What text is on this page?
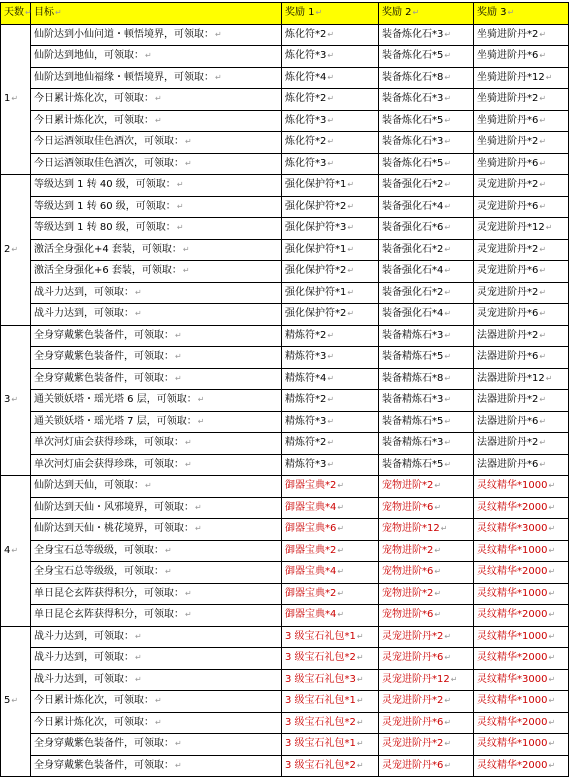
天数↵	目标↵	奖励 1↵	奖励 2↵	奖励 3↵
1↵	仙阶达到小仙问道・顿悟境界，可领取：↵	炼化符*2↵	装备炼化石*3↵	坐骑进阶丹*2↵
	仙阶达到地仙，可领取：↵	炼化符*3↵	装备炼化石*5↵	坐骑进阶丹*6↵
	仙阶达到地仙福缘・顿悟境界，可领取：↵	炼化符*4↵	装备炼化石*8↵	坐骑进阶丹*12↵
	今日累计炼化次，可领取：↵	炼化符*2↵	装备炼化石*3↵	坐骑进阶丹*2↵
	今日累计炼化次，可领取：↵	炼化符*3↵	装备炼化石*5↵	坐骑进阶丹*6↵
	今日运酒领取佳色酒次，可领取：↵	炼化符*2↵	装备炼化石*3↵	坐骑进阶丹*2↵
	今日运酒领取佳色酒次，可领取：↵	炼化符*3↵	装备炼化石*5↵	坐骑进阶丹*6↵
2↵	等级达到 1 转 40 级，可领取：↵	强化保护符*1↵	装备强化石*2↵	灵宠进阶丹*2↵
	等级达到 1 转 60 级，可领取：↵	强化保护符*2↵	装备强化石*4↵	灵宠进阶丹*6↵
	等级达到 1 转 80 级，可领取：↵	强化保护符*3↵	装备强化石*6↵	灵宠进阶丹*12↵
	激活全身强化+4 套装，可领取：↵	强化保护符*1↵	装备强化石*2↵	灵宠进阶丹*2↵
	激活全身强化+6 套装，可领取：↵	强化保护符*2↵	装备强化石*4↵	灵宠进阶丹*6↵
	战斗力达到，可领取：↵	强化保护符*1↵	装备强化石*2↵	灵宠进阶丹*2↵
	战斗力达到，可领取：↵	强化保护符*2↵	装备强化石*4↵	灵宠进阶丹*6↵
3↵	全身穿戴紫色装备件，可领取：↵	精炼符*2↵	装备精炼石*3↵	法器进阶丹*2↵
	全身穿戴紫色装备件，可领取：↵	精炼符*3↵	装备精炼石*5↵	法器进阶丹*6↵
	全身穿戴紫色装备件，可领取：↵	精炼符*4↵	装备精炼石*8↵	法器进阶丹*12↵
	通关锁妖塔・瑶光塔 6 层，可领取：↵	精炼符*2↵	装备精炼石*3↵	法器进阶丹*2↵
	通关锁妖塔・瑶光塔 7 层，可领取：↵	精炼符*3↵	装备精炼石*5↵	法器进阶丹*6↵
	单次河灯庙会获得珍珠，可领取：↵	精炼符*2↵	装备精炼石*3↵	法器进阶丹*2↵
	单次河灯庙会获得珍珠，可领取：↵	精炼符*3↵	装备精炼石*5↵	法器进阶丹*6↵
4↵	仙阶达到天仙，可领取：↵	御器宝典*2↵	宠物进阶*2↵	灵纹精华*1000↵
	仙阶达到天仙・风邪境界，可领取：↵	御器宝典*4↵	宠物进阶*6↵	灵纹精华*2000↵
	仙阶达到天仙・桃花境界，可领取：↵	御器宝典*6↵	宠物进阶*12↵	灵纹精华*3000↵
	全身宝石总等级级，可领取：↵	御器宝典*2↵	宠物进阶*2↵	灵纹精华*1000↵
	全身宝石总等级级，可领取：↵	御器宝典*4↵	宠物进阶*6↵	灵纹精华*2000↵
	单日昆仑玄阵获得积分，可领取：↵	御器宝典*2↵	宠物进阶*2↵	灵纹精华*1000↵
	单日昆仑玄阵获得积分，可领取：↵	御器宝典*4↵	宠物进阶*6↵	灵纹精华*2000↵
5↵	战斗力达到，可领取：↵	3 级宝石礼包*1↵	灵宠进阶丹*2↵	灵纹精华*1000↵
	战斗力达到，可领取：↵	3 级宝石礼包*2↵	灵宠进阶丹*6↵	灵纹精华*2000↵
	战斗力达到，可领取：↵	3 级宝石礼包*3↵	灵宠进阶丹*12↵	灵纹精华*3000↵
	今日累计炼化次，可领取：↵	3 级宝石礼包*1↵	灵宠进阶丹*2↵	灵纹精华*1000↵
	今日累计炼化次，可领取：↵	3 级宝石礼包*2↵	灵宠进阶丹*6↵	灵纹精华*2000↵
	全身穿戴紫色装备件，可领取：↵	3 级宝石礼包*1↵	灵宠进阶丹*2↵	灵纹精华*1000↵
	全身穿戴紫色装备件，可领取：↵	3 级宝石礼包*2↵	灵宠进阶丹*6↵	灵纹精华*2000↵
